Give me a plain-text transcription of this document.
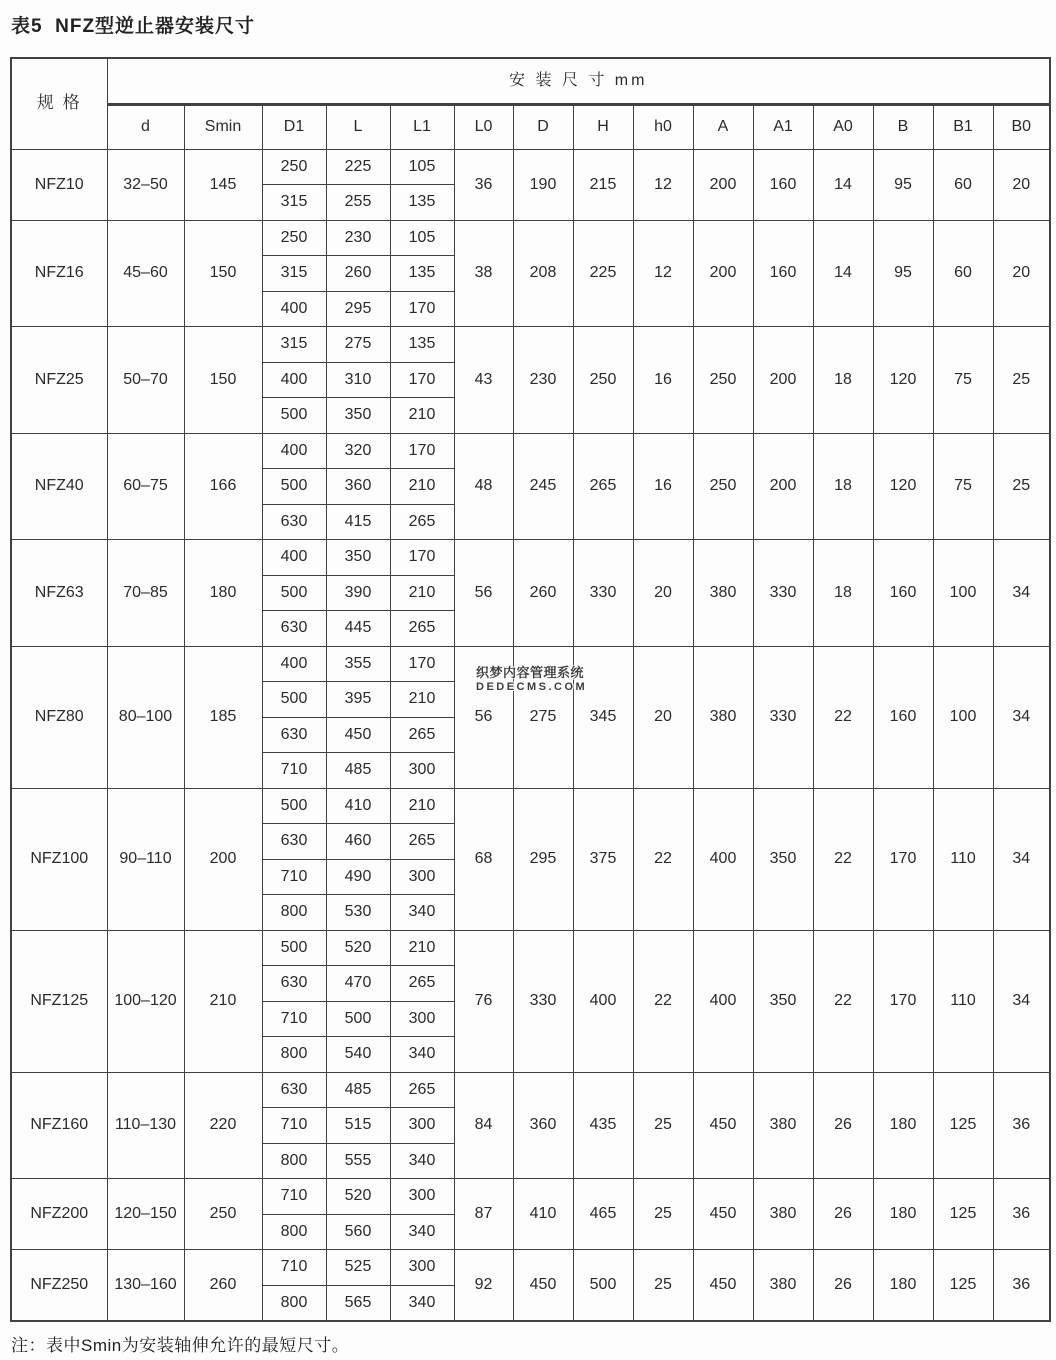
表5  NFZ型逆止器安装尺寸
规 格	安 装 尺 寸 mm														
	d	Smin	D1	L	L1	L0	D	H	h0	A	A1	A0	B	B1	B0
NFZ10	32–50	145	250	225	105	36	190	215	12	200	160	14	95	60	20
			315	255	135										
NFZ16	45–60	150	250	230	105	38	208	225	12	200	160	14	95	60	20
			315	260	135										
			400	295	170										
NFZ25	50–70	150	315	275	135	43	230	250	16	250	200	18	120	75	25
			400	310	170										
			500	350	210										
NFZ40	60–75	166	400	320	170	48	245	265	16	250	200	18	120	75	25
			500	360	210										
			630	415	265										
NFZ63	70–85	180	400	350	170	56	260	330	20	380	330	18	160	100	34
			500	390	210										
			630	445	265										
NFZ80	80–100	185	400	355	170	56	275	345	20	380	330	22	160	100	34
			500	395	210										
			630	450	265										
			710	485	300										
NFZ100	90–110	200	500	410	210	68	295	375	22	400	350	22	170	110	34
			630	460	265										
			710	490	300										
			800	530	340										
NFZ125	100–120	210	500	520	210	76	330	400	22	400	350	22	170	110	34
			630	470	265										
			710	500	300										
			800	540	340										
NFZ160	110–130	220	630	485	265	84	360	435	25	450	380	26	180	125	36
			710	515	300										
			800	555	340										
NFZ200	120–150	250	710	520	300	87	410	465	25	450	380	26	180	125	36
			800	560	340										
NFZ250	130–160	260	710	525	300	92	450	500	25	450	380	26	180	125	36
			800	565	340										
注：表中Smin为安装轴伸允许的最短尺寸。
织梦内容管理系统
DEDECMS.COM
